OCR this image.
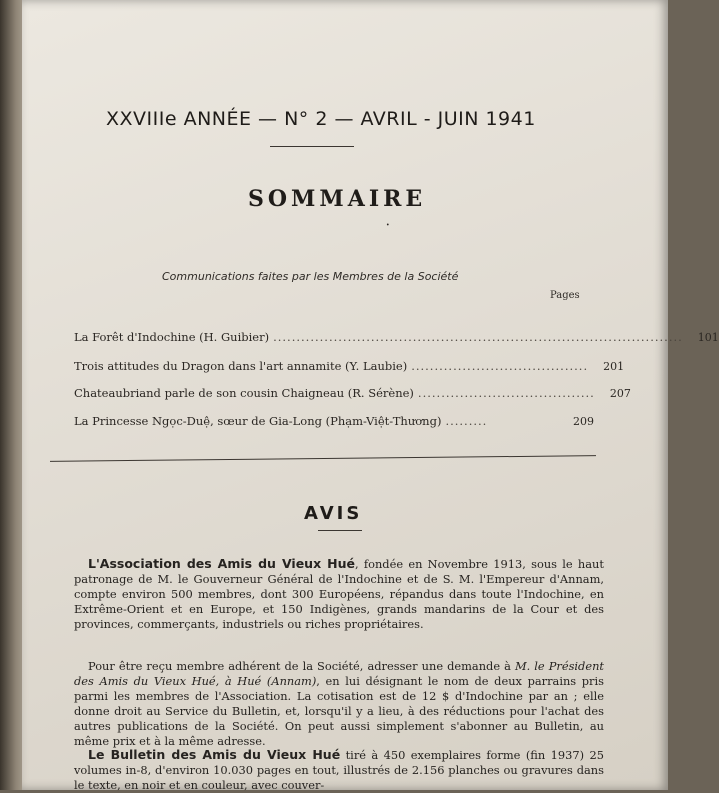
XXVIIIe ANNÉE — N° 2 — AVRIL - JUIN 1941
SOMMAIRE
•
Communications faites par les Membres de la Société
Pages
La Forêt d'Indochine (H. Guibier) ........................................................................................	101
Trois attitudes du Dragon dans l'art annamite (Y. Laubie) ......................................	201
Chateaubriand parle de son cousin Chaigneau (R. Sérène) ......................................	207
La Princesse Ngọc-Duệ, sœur de Gia-Long (Phạm-Việt-Thương) .........	209
AVIS
L'Association des Amis du Vieux Hué, fondée en Novembre 1913, sous le haut patronage de M. le Gouverneur Général de l'Indochine et de S. M. l'Empereur d'Annam, compte environ 500 membres, dont 300 Européens, répandus dans toute l'Indochine, en Extrême-Orient et en Europe, et 150 Indigènes, grands mandarins de la Cour et des provinces, commerçants, industriels ou riches propriétaires.
Pour être reçu membre adhérent de la Société, adresser une demande à M. le Président des Amis du Vieux Hué, à Hué (Annam), en lui désignant le nom de deux parrains pris parmi les membres de l'Association. La cotisation est de 12 $ d'Indochine par an ; elle donne droit au Service du Bulletin, et, lorsqu'il y a lieu, à des réductions pour l'achat des autres publications de la Société. On peut aussi simplement s'abonner au Bulletin, au même prix et à la même adresse.
Le Bulletin des Amis du Vieux Hué tiré à 450 exemplaires forme (fin 1937) 25 volumes in-8, d'environ 10.030 pages en tout, illustrés de 2.156 planches ou gravures dans le texte, en noir et en couleur, avec couver-
